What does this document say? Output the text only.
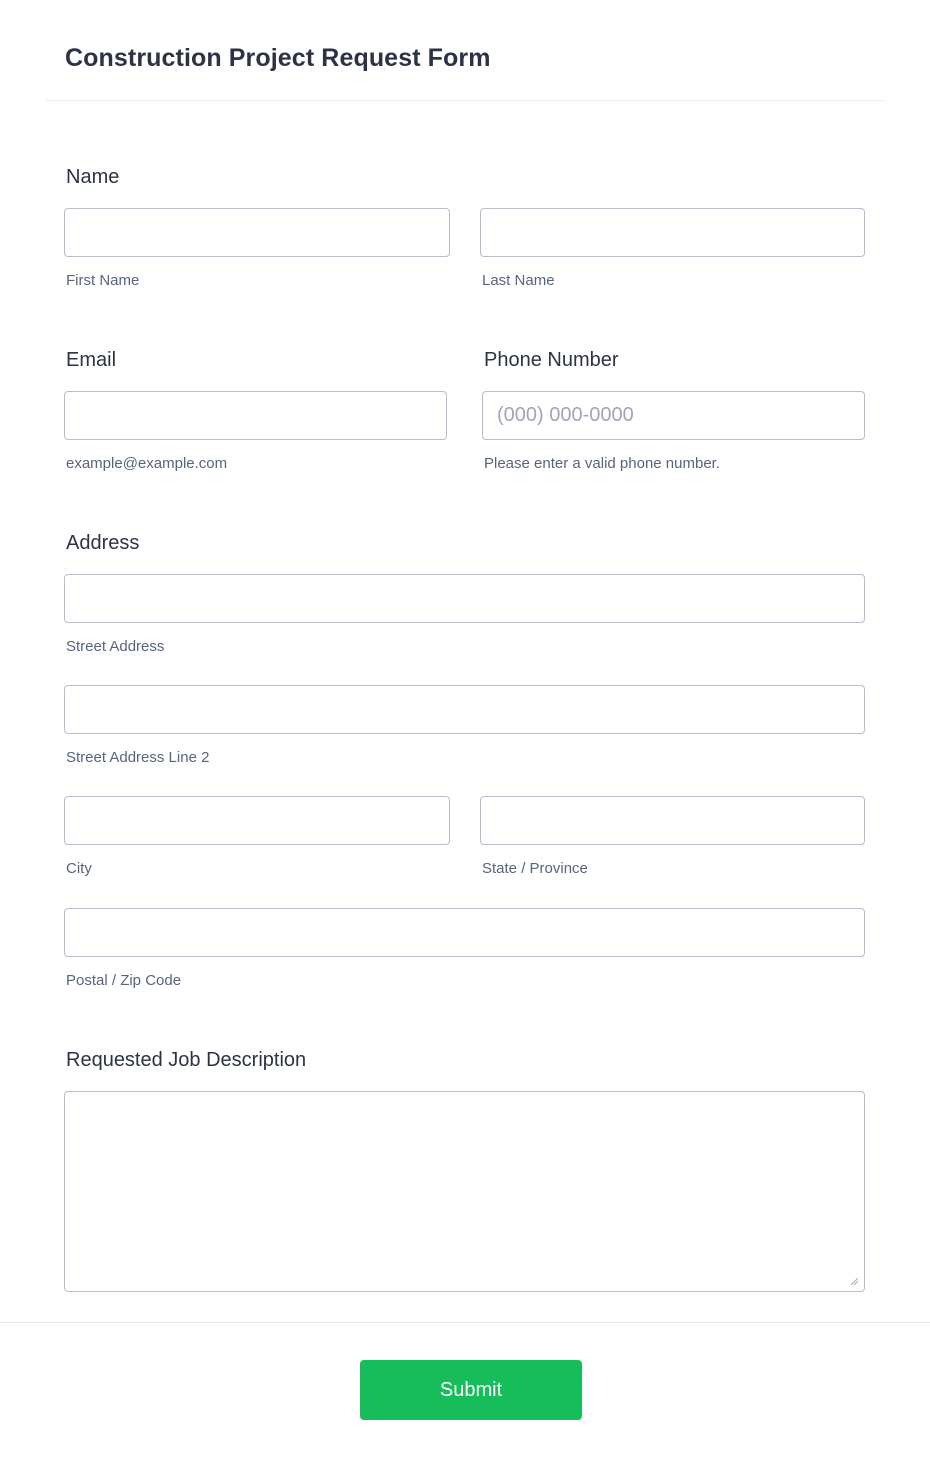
Construction Project Request Form
Name
First Name	Last Name
Email
example@example.com
Phone Number
(000) 000-0000
Please enter a valid phone number.
Address
Street Address
Street Address Line 2
City	State / Province
Postal / Zip Code
Requested Job Description
Submit
